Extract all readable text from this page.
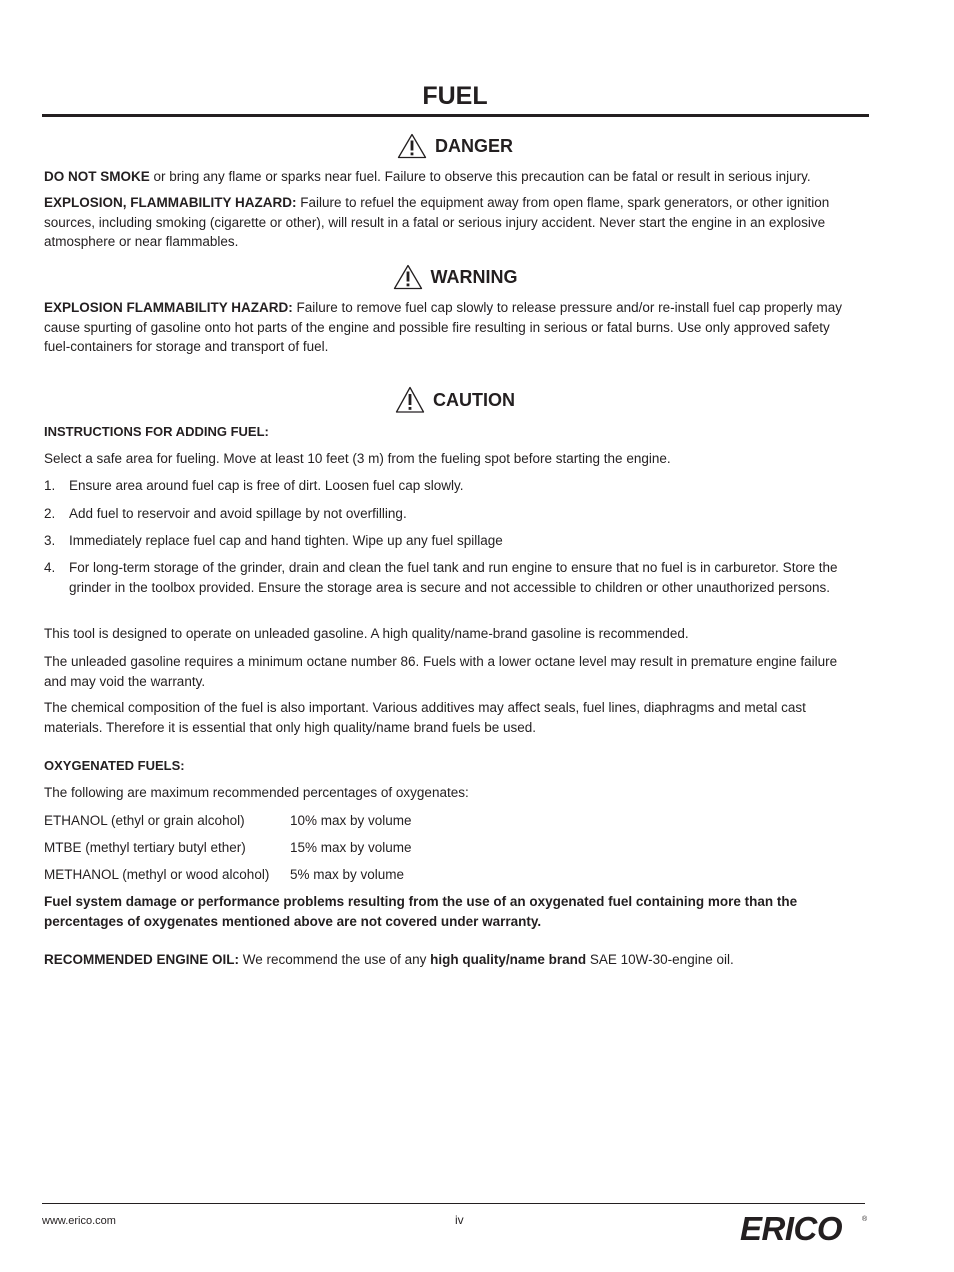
FUEL
DANGER

DO NOT SMOKE or bring any flame or sparks near fuel. Failure to observe this precaution can be fatal or result in serious injury.

EXPLOSION, FLAMMABILITY HAZARD: Failure to refuel the equipment away from open flame, spark generators, or other ignition sources, including smoking (cigarette or other), will result in a fatal or serious injury accident. Never start the engine in an explosive atmosphere or near flammables.

WARNING

EXPLOSION FLAMMABILITY HAZARD: Failure to remove fuel cap slowly to release pressure and/or re-install fuel cap properly may cause spurting of gasoline onto hot parts of the engine and possible fire resulting in serious or fatal burns. Use only approved safety fuel-containers for storage and transport of fuel.

CAUTION

INSTRUCTIONS FOR ADDING FUEL:

Select a safe area for fueling. Move at least 10 feet (3 m) from the fueling spot before starting the engine.

1. Ensure area around fuel cap is free of dirt. Loosen fuel cap slowly.
2. Add fuel to reservoir and avoid spillage by not overfilling.
3. Immediately replace fuel cap and hand tighten. Wipe up any fuel spillage
4. For long-term storage of the grinder, drain and clean the fuel tank and run engine to ensure that no fuel is in carburetor. Store the grinder in the toolbox provided. Ensure the storage area is secure and not accessible to children or other unauthorized persons.

This tool is designed to operate on unleaded gasoline. A high quality/name-brand gasoline is recommended.

The unleaded gasoline requires a minimum octane number 86. Fuels with a lower octane level may result in premature engine failure and may void the warranty.

The chemical composition of the fuel is also important. Various additives may affect seals, fuel lines, diaphragms and metal cast materials. Therefore it is essential that only high quality/name brand fuels be used.

OXYGENATED FUELS:

The following are maximum recommended percentages of oxygenates:

ETHANOL (ethyl or grain alcohol)	10% max by volume
MTBE (methyl tertiary butyl ether)	15% max by volume
METHANOL (methyl or wood alcohol) 5% max by volume

Fuel system damage or performance problems resulting from the use of an oxygenated fuel containing more than the percentages of oxygenates mentioned above are not covered under warranty.

RECOMMENDED ENGINE OIL: We recommend the use of any high quality/name brand SAE 10W-30-engine oil.

www.erico.com	iv	ERICO	®
